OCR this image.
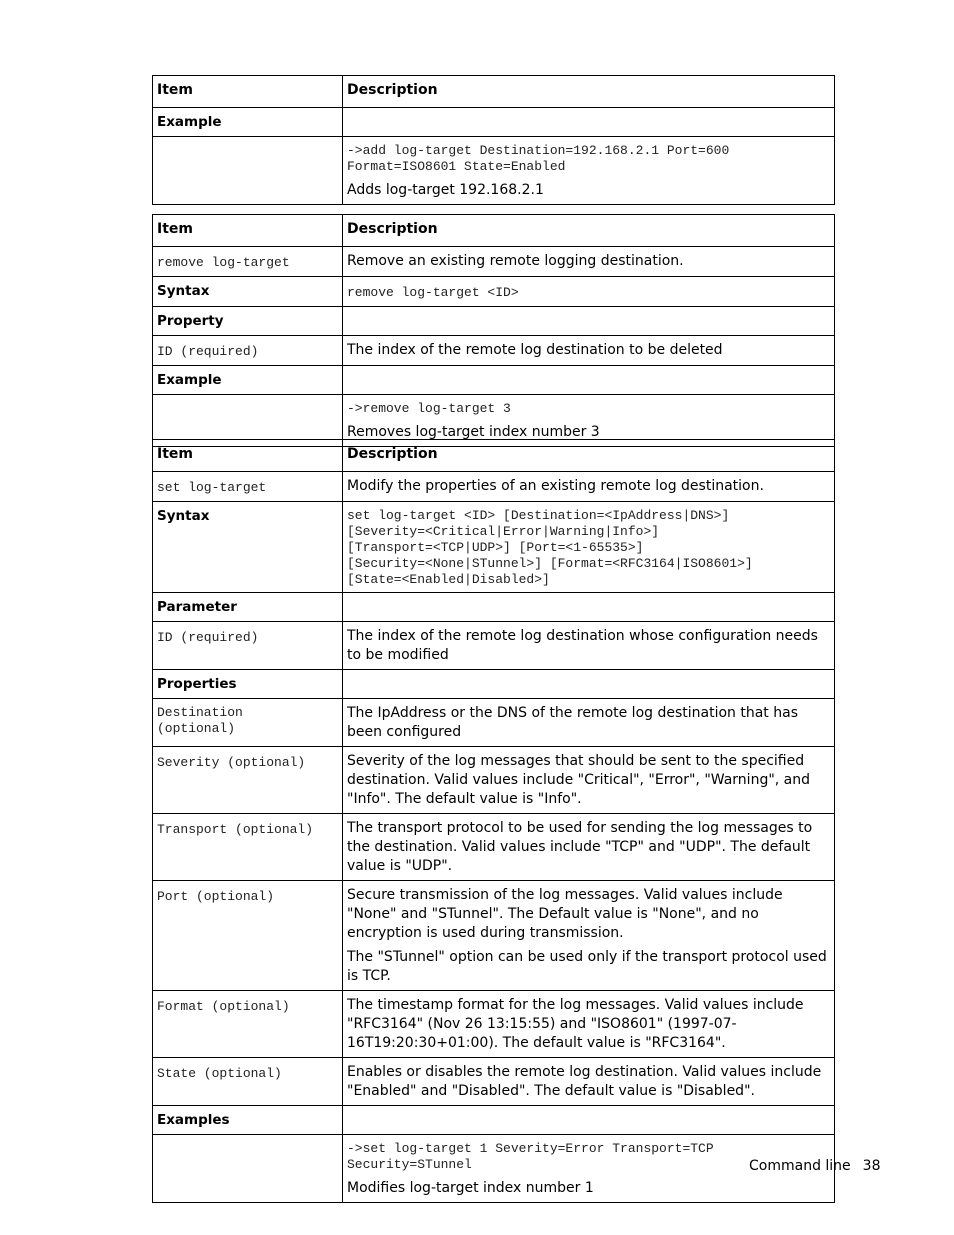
Item	Description
Example	

	->add log-target Destination=192.168.2.1 Port=600
Format=ISO8601 State=Enabled
Adds log-target 192.168.2.1
Item	Description
remove log-target	Remove an existing remote logging destination.
Syntax	remove log-target <ID>
Property	
ID (required)	The index of the remote log destination to be deleted
Example	

	->remove log-target 3
Removes log-target index number 3
Item	Description
set log-target	Modify the properties of an existing remote log destination.
Syntax	set log-target <ID> [Destination=<IpAddress|DNS>]
[Severity=<Critical|Error|Warning|Info>]
[Transport=<TCP|UDP>] [Port=<1-65535>]
[Security=<None|STunnel>] [Format=<RFC3164|ISO8601>]
[State=<Enabled|Disabled>]

Parameter	
ID (required)	The index of the remote log destination whose configuration needs to be modified
Properties	

Destination
(optional)	The IpAddress or the DNS of the remote log destination that has been configured
Severity (optional)	Severity of the log messages that should be sent to the specified destination. Valid values include "Critical", "Error", "Warning", and "Info". The default value is "Info".
Transport (optional)	The transport protocol to be used for sending the log messages to the destination. Valid values include "TCP" and "UDP". The default value is "UDP".
Port (optional)	Secure transmission of the log messages. Valid values include "None" and "STunnel". The Default value is "None", and no encryption is used during transmission.
The "STunnel" option can be used only if the transport protocol used is TCP.

Format (optional)	The timestamp format for the log messages. Valid values include "RFC3164" (Nov 26 13:15:55) and "ISO8601" (1997-07-16T19:20:30+01:00). The default value is "RFC3164".
State (optional)	Enables or disables the remote log destination. Valid values include "Enabled" and "Disabled". The default value is "Disabled".
Examples	

	->set log-target 1 Severity=Error Transport=TCP
Security=STunnel
Modifies log-target index number 1
Command line 38
